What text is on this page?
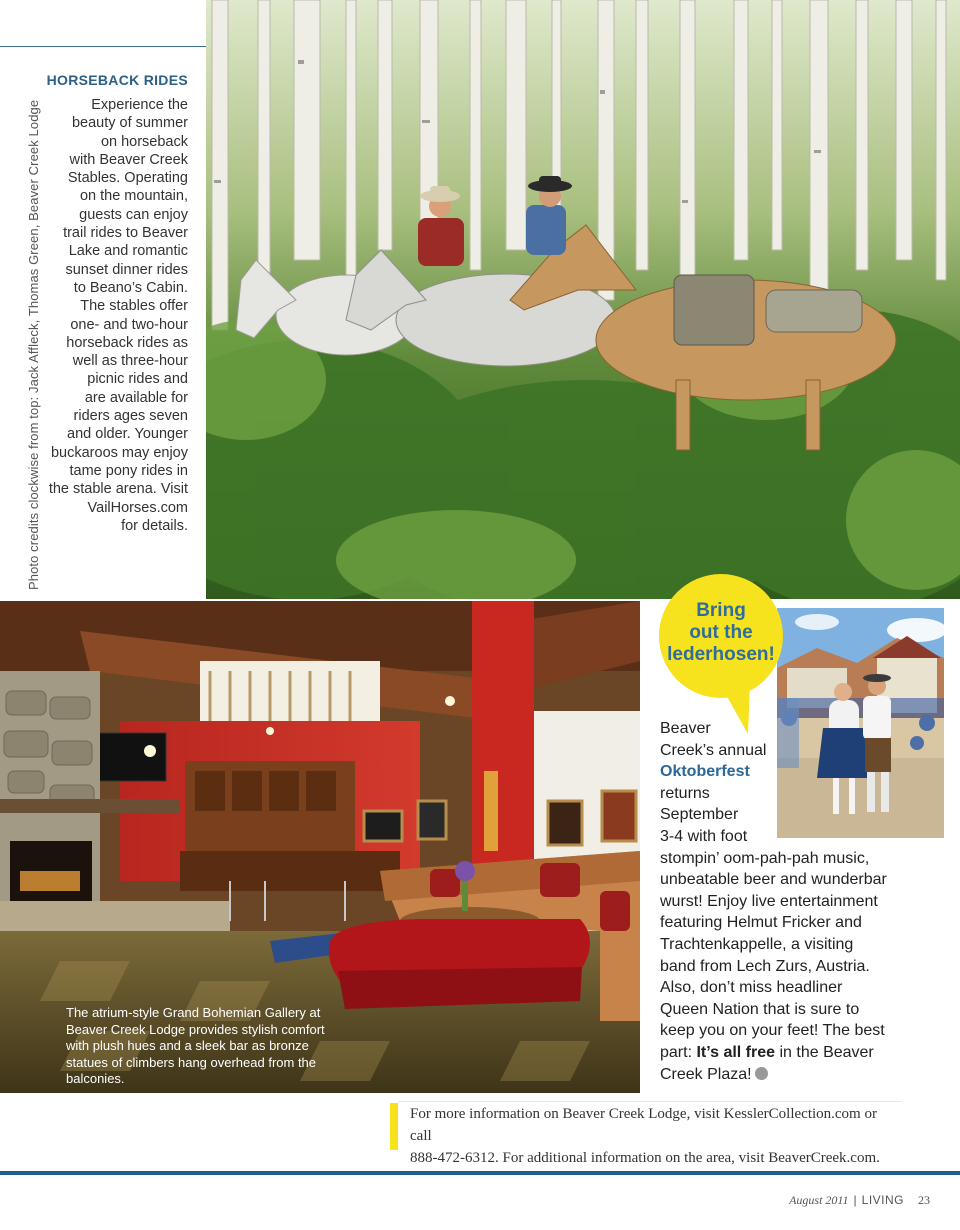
Photo credits clockwise from top: Jack Affleck, Thomas Green, Beaver Creek Lodge
HORSEBACK RIDES
Experience the
beauty of summer
on horseback
with Beaver Creek
Stables. Operating
on the mountain,
guests can enjoy
trail rides to Beaver
Lake and romantic
sunset dinner rides
to Beano’s Cabin.
The stables offer
one- and two-hour
horseback rides as
well as three-hour
picnic rides and
are available for
riders ages seven
and older. Younger
buckaroos may enjoy
tame pony rides in
the stable arena. Visit
VailHorses.com
for details.
The atrium-style Grand Bohemian Gallery at Beaver Creek Lodge provides stylish comfort with plush hues and a sleek bar as bronze statues of climbers hang overhead from the balconies.
Bring
out the
lederhosen!
Beaver
Creek’s annual
Oktoberfest
returns
September
3-4 with foot
stompin’ oom-pah-pah music,
unbeatable beer and wunderbar
wurst! Enjoy live entertainment
featuring Helmut Fricker and
Trachtenkappelle, a visiting
band from Lech Zurs, Austria.
Also, don’t miss headliner
Queen Nation that is sure to
keep you on your feet! The best
part: It’s all free in the Beaver
Creek Plaza!
For more information on Beaver Creek Lodge, visit KesslerCollection.com or call
888-472-6312. For additional information on the area, visit BeaverCreek.com.
August 2011 | LIVING 23
